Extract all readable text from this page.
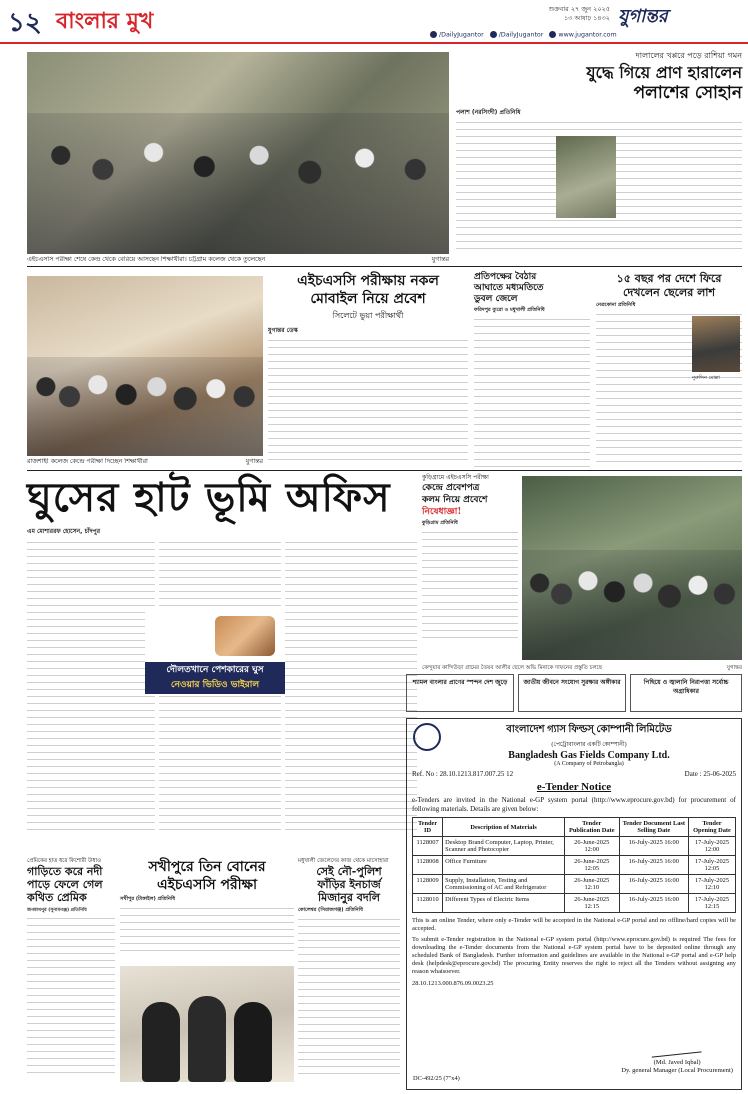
১২ বাংলার মুখ	শুক্রবার ২৭ জুন ২০২৫
১৩ আষাঢ় ১৪৩২ যুগান্তর
/DailyJugantor /DailyJugantor www.jugantor.com
এইচএসসি পরীক্ষা শেষে কেন্দ্র থেকে বেরিয়ে আসছেন শিক্ষার্থীরা। চট্টগ্রাম কলেজ থেকে তুলেছেন	যুগান্তর
দালালের খপ্পরে পড়ে রাশিয়া গমন
যুদ্ধে গিয়ে প্রাণ হারালেন
পলাশের সোহান
পলাশ (নরসিংদী) প্রতিনিধি
রাজশাহী কলেজ কেন্দ্রে পরীক্ষা দিচ্ছেন শিক্ষার্থীরা	যুগান্তর
এইচএসসি পরীক্ষায় নকল
মোবাইল নিয়ে প্রবেশ
সিলেটে ভুয়া পরীক্ষার্থী
যুগান্তর ডেস্ক
প্রতিপক্ষের বৈঠার
আঘাতে মধ্যমতিতে
ডুবল জেলে
ফরিদপুর ব্যুরো ও মধুখালী প্রতিনিধি
১৫ বছর পর দেশে ফিরে
দেখলেন ছেলের লাশ
নেত্রকোনা প্রতিনিধি
নুরুদ্দিন মোল্লা
ঘুসের হাট ভূমি অফিস
এম মোশাররফ হোসেন, চাঁদপুর
দৌলতখানে পেশকারের ঘুস
নেওয়ার ভিডিও ভাইরাল
কুড়িগ্রামে এইচএসসি পরীক্ষা
কেন্দ্রে প্রবেশপত্র
কলম নিয়ে প্রবেশে
নিষেধাজ্ঞা!
কুড়িগ্রাম প্রতিনিধি
কেন্দুয়ার কান্দিউড়া গ্রামের তৈয়ব আলীর ছেলে অভি মিনাকে দাফনের প্রস্তুতি চলছে	যুগান্তর
মধুখালী জেলেদের কাজ থেকে মাসোহারা
সেই নৌ-পুলিশ
ফাঁড়ির ইনচার্জ
মিজানুর বদলি
কোলেশ্বর (সিরাজগঞ্জ) প্রতিনিধি
প্রেমিকের হাত ধরে কিশোরী উধাও
গাড়িতে করে নদী
পাড়ে ফেলে গেল
কথিত প্রেমিক
জগন্নাথপুর (সুনামগঞ্জ) প্রতিনিধি
সখীপুরে তিন বোনের
এইচএসসি পরীক্ষা
সখীপুর (টাঙ্গাইল) প্রতিনিধি
শ্যামল বাংলার প্রাণের স্পন্দন দেশ জুড়ে	জাতীয় জীবনে সংযোগ সুরক্ষার অঙ্গীকার	পিছিয়ে ও জ্বালানি নিরাপত্তা সর্বোচ্চ অগ্রাধিকার
বাংলাদেশ গ্যাস ফিল্ডস্ কোম্পানী লিমিটেড
(পেট্রোবাংলার একটি কোম্পানী)
Bangladesh Gas Fields Company Ltd.
(A Company of Petrobangla)
Ref. No : 28.10.1213.817.007.25 12	Date : 25-06-2025
e-Tender Notice
e-Tenders are invited in the National e-GP system portal (http://www.eprocure.gov.bd) for procurement of following materials. Details are given below:
Tender ID	Description of Materials	Tender Publication Date	Tender Document Last Selling Date	Tender Opening Date
1128007	Desktop Brand Computer, Laptop, Printer, Scanner and Photocopier	26-June-2025 12:00	16-July-2025 16:00	17-July-2025 12:00
1128008	Office Furniture	26-June-2025 12:05	16-July-2025 16:00	17-July-2025 12:05
1128009	Supply, Installation, Testing and Commissioning of AC and Refrigerator	26-June-2025 12:10	16-July-2025 16:00	17-July-2025 12:10
1128010	Different Types of Electric Items	26-June-2025 12:15	16-July-2025 16:00	17-July-2025 12:15
This is an online Tender, where only e-Tender will be accepted in the National e-GP portal and no offline/hard copies will be accepted.
To submit e-Tender registration in the National e-GP system portal (http://www.eprocure.gov.bd) is required The fees for downloading the e-Tender documents from the National e-GP system portal have to be deposited online through any scheduled Bank of Bangladesh. Further information and guidelines are available in the National e-GP portal and e-GP help desk (helpdesk@eprocure.gov.bd) The procuring Entity reserves the right to reject all the Tenders without assigning any reason whatsoever.
28.10.1213.000.876.09.0023.25
(Md. Javed Iqbal)
Dy. general Manager (Local Procurement)
DC-492/25 (7"x4)
